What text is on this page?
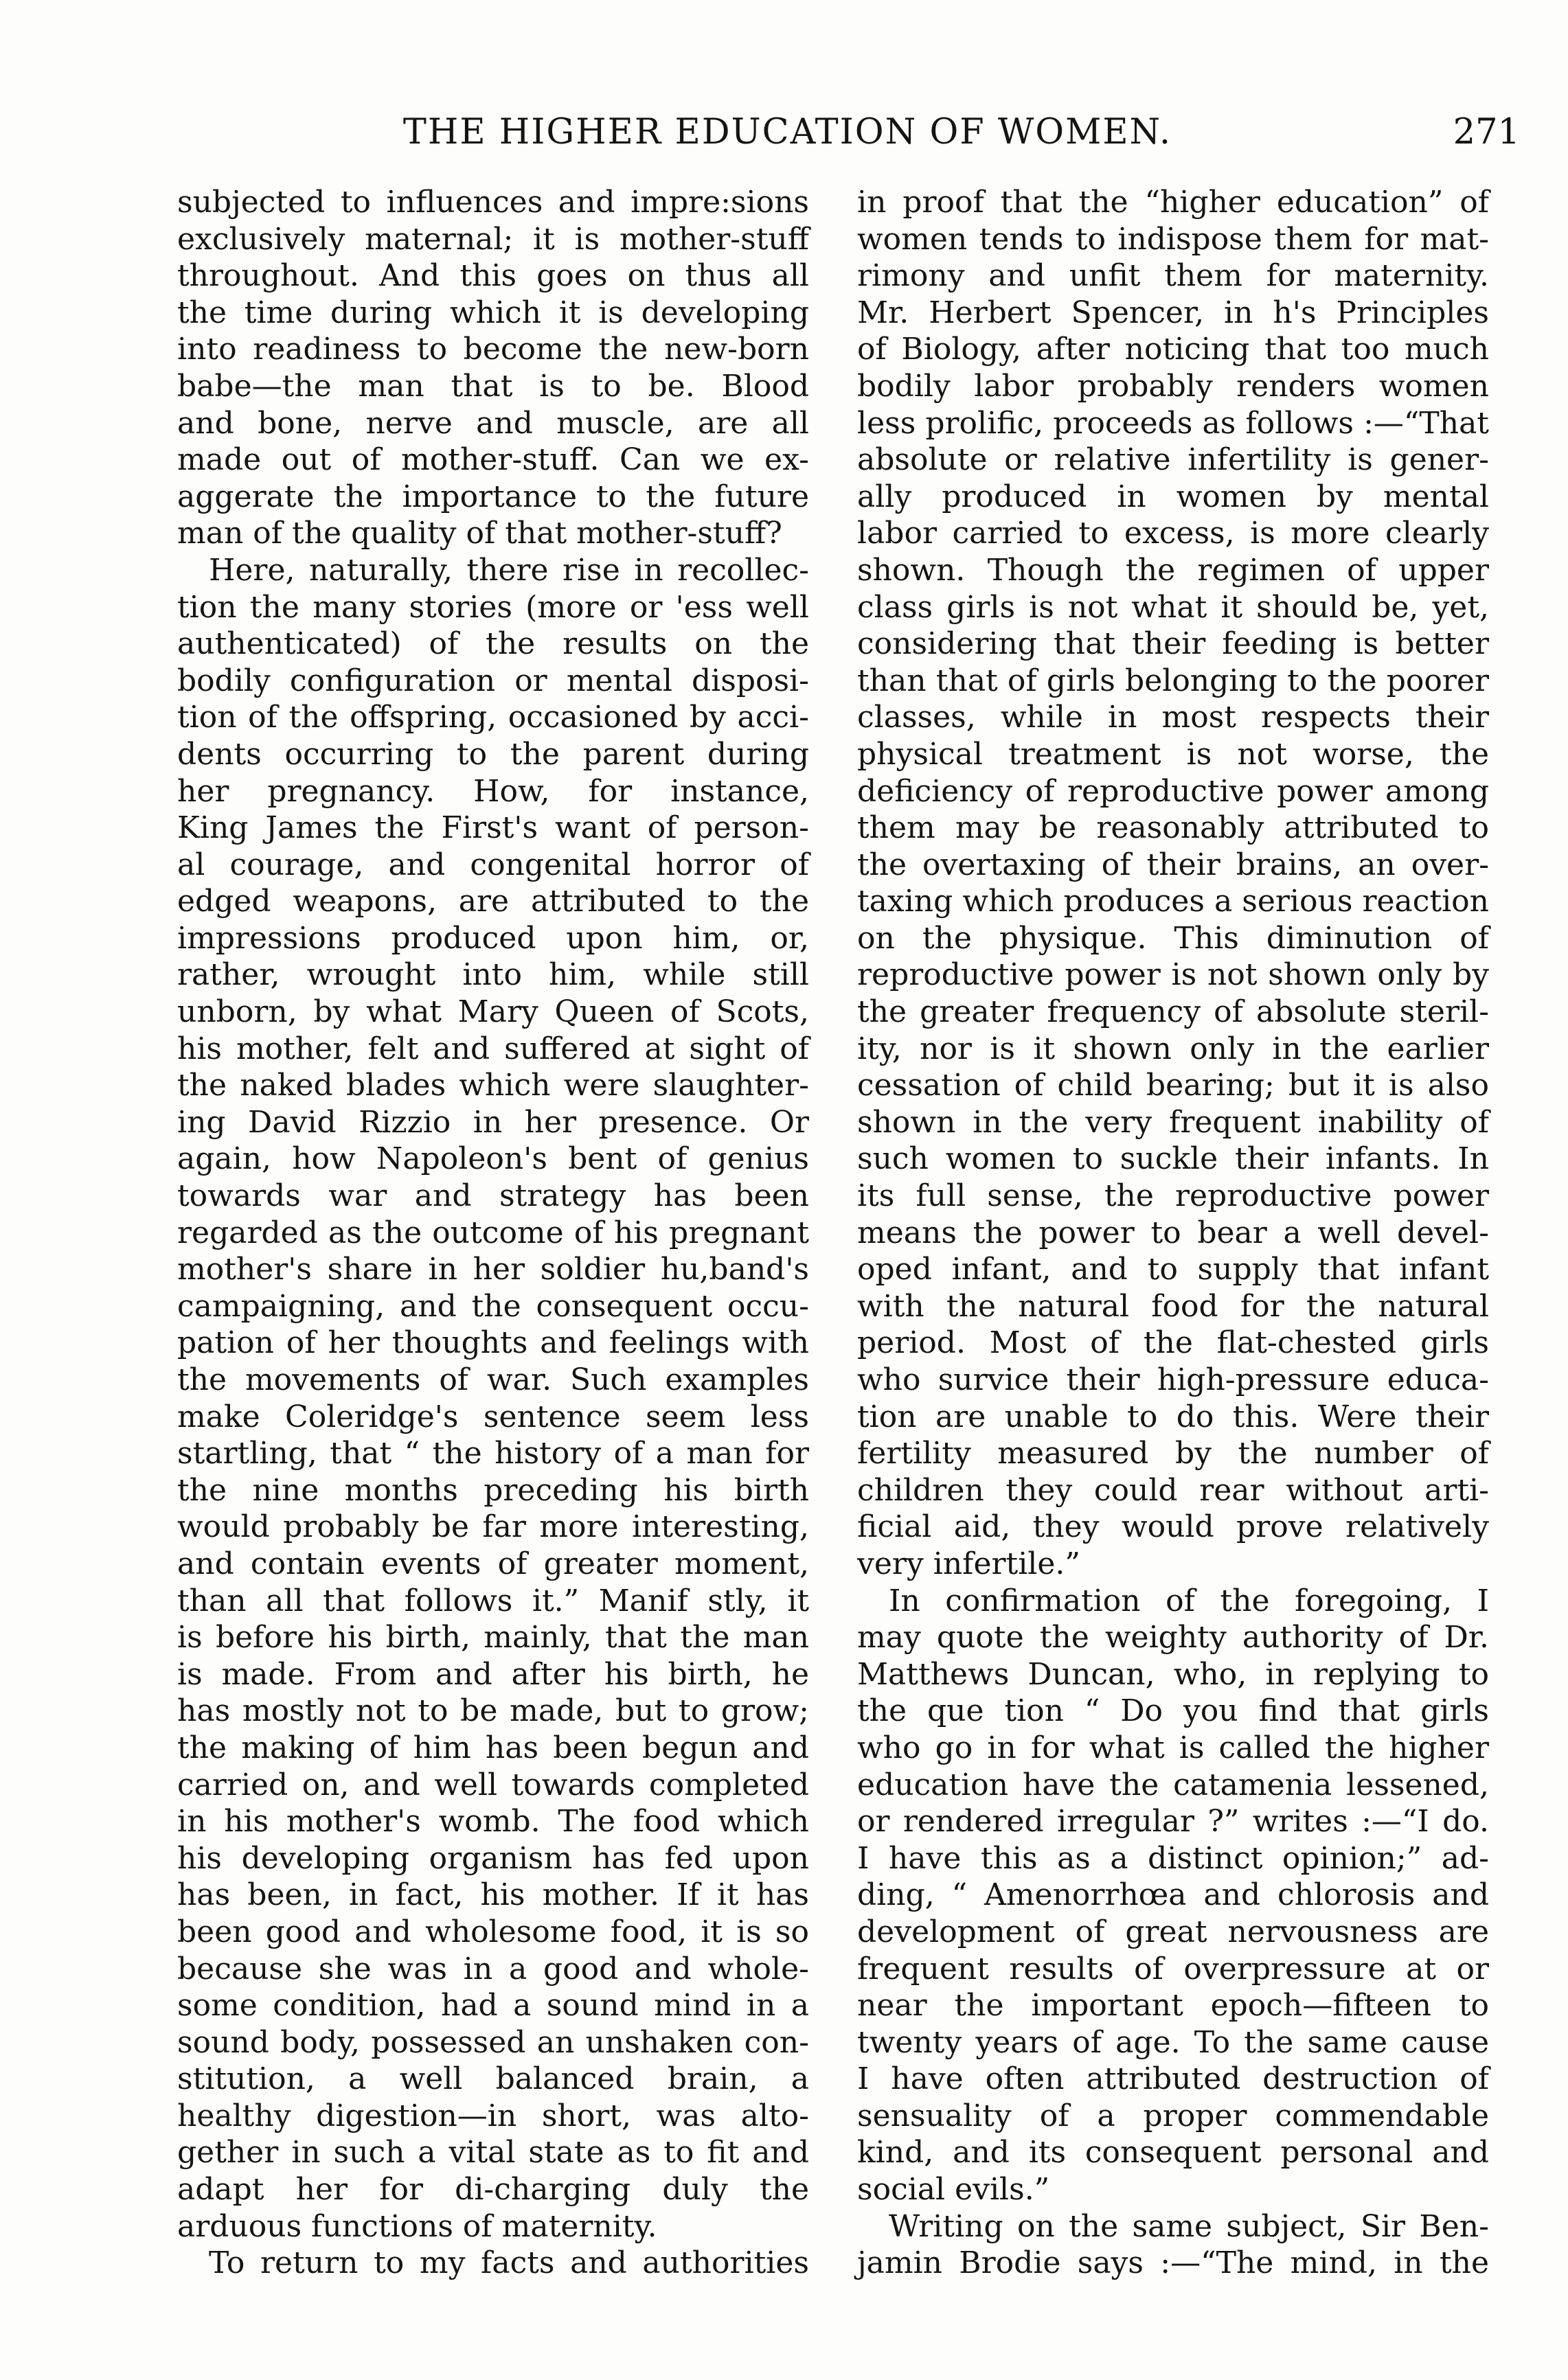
THE HIGHER EDUCATION OF WOMEN.	271
subjected to influences and impre:sions
exclusively maternal; it is mother-stuff
throughout. And this goes on thus all
the time during which it is developing
into readiness to become the new-born
babe—the man that is to be. Blood
and bone, nerve and muscle, are all
made out of mother-stuff. Can we ex-
aggerate the importance to the future
man of the quality of that mother-stuff?
Here, naturally, there rise in recollec-
tion the many stories (more or 'ess well
authenticated) of the results on the
bodily configuration or mental disposi-
tion of the offspring, occasioned by acci-
dents occurring to the parent during
her pregnancy. How, for instance,
King James the First's want of person-
al courage, and congenital horror of
edged weapons, are attributed to the
impressions produced upon him, or,
rather, wrought into him, while still
unborn, by what Mary Queen of Scots,
his mother, felt and suffered at sight of
the naked blades which were slaughter-
ing David Rizzio in her presence. Or
again, how Napoleon's bent of genius
towards war and strategy has been
regarded as the outcome of his pregnant
mother's share in her soldier hu,band's
campaigning, and the consequent occu-
pation of her thoughts and feelings with
the movements of war. Such examples
make Coleridge's sentence seem less
startling, that “ the history of a man for
the nine months preceding his birth
would probably be far more interesting,
and contain events of greater moment,
than all that follows it.” Manif stly, it
is before his birth, mainly, that the man
is made. From and after his birth, he
has mostly not to be made, but to grow;
the making of him has been begun and
carried on, and well towards completed
in his mother's womb. The food which
his developing organism has fed upon
has been, in fact, his mother. If it has
been good and wholesome food, it is so
because she was in a good and whole-
some condition, had a sound mind in a
sound body, possessed an unshaken con-
stitution, a well balanced brain, a
healthy digestion—in short, was alto-
gether in such a vital state as to fit and
adapt her for di-charging duly the
arduous functions of maternity.
To return to my facts and authorities
in proof that the “higher education” of
women tends to indispose them for mat-
rimony and unfit them for maternity.
Mr. Herbert Spencer, in h's Principles
of Biology, after noticing that too much
bodily labor probably renders women
less prolific, proceeds as follows :—“That
absolute or relative infertility is gener-
ally produced in women by mental
labor carried to excess, is more clearly
shown. Though the regimen of upper
class girls is not what it should be, yet,
considering that their feeding is better
than that of girls belonging to the poorer
classes, while in most respects their
physical treatment is not worse, the
deficiency of reproductive power among
them may be reasonably attributed to
the overtaxing of their brains, an over-
taxing which produces a serious reaction
on the physique. This diminution of
reproductive power is not shown only by
the greater frequency of absolute steril-
ity, nor is it shown only in the earlier
cessation of child bearing; but it is also
shown in the very frequent inability of
such women to suckle their infants. In
its full sense, the reproductive power
means the power to bear a well devel-
oped infant, and to supply that infant
with the natural food for the natural
period. Most of the flat-chested girls
who survice their high-pressure educa-
tion are unable to do this. Were their
fertility measured by the number of
children they could rear without arti-
ficial aid, they would prove relatively
very infertile.”
In confirmation of the foregoing, I
may quote the weighty authority of Dr.
Matthews Duncan, who, in replying to
the que tion “ Do you find that girls
who go in for what is called the higher
education have the catamenia lessened,
or rendered irregular ?” writes :—“I do.
I have this as a distinct opinion;” ad-
ding, “ Amenorrhœa and chlorosis and
development of great nervousness are
frequent results of overpressure at or
near the important epoch—fifteen to
twenty years of age. To the same cause
I have often attributed destruction of
sensuality of a proper commendable
kind, and its consequent personal and
social evils.”
Writing on the same subject, Sir Ben-
jamin Brodie says :—“The mind, in the
